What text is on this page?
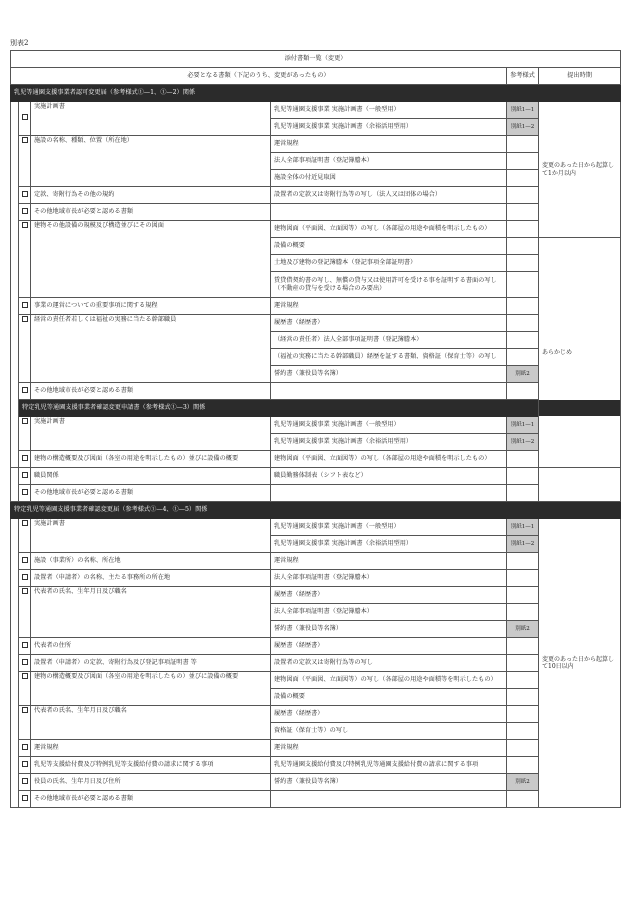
別表2
添付書類一覧（変更）					
必要となる書類（下記のうち、変更があったもの）				参考様式	提出時期
乳児等通園支援事業者認可変更届（参考様式①—1、①—2）関係					
		実施計画書	乳児等通園支援事業 実施計画書（一般型用）	別紙1—1	変更のあった日から起算して1か月以内
			乳児等通園支援事業 実施計画書（余裕活用型用）	別紙1—2	
		施設の名称、種類、位置（所在地）	運営規程		
			法人全部事項証明書（登記簿謄本）		
			施設全体の付近見取図		
		定款、寄附行為その他の規約	設置者の定款又は寄附行為等の写し（法人又は団体の場合）		
		その他地域市長が必要と認める書類			
		建物その他設備の規模及び構造並びにその図面	建物図面（平面図、立面図等）の写し（各部屋の用途や面積を明示したもの）		
			設備の概要		あらかじめ
			土地及び建物の登記簿謄本（登記事項全部証明書）		
			賃貸借契約書の写し、無償の貸与又は使用許可を受ける事を証明する書面の写し（不動産の貸与を受ける場合のみ要出）		
		事業の運営についての重要事項に関する規程	運営規程		
		経営の責任者若しくは福祉の実務に当たる幹部職員	履歴書（経歴書）		
			（経営の責任者）法人全部事項証明書（登記簿謄本）		
			（福祉の実務に当たる幹部職員）経歴を証する書類、資格証（保育士等）の写し		
			誓約書（兼役員等名簿）	別紙2	
		その他地域市長が必要と認める書類			
	特定乳児等通園支援事業者確認変更申請書（参考様式①—3）関係				
		実施計画書	乳児等通園支援事業 実施計画書（一般型用）	別紙1—1	
			乳児等通園支援事業 実施計画書（余裕活用型用）	別紙1—2	
		建物の構造概要及び図面（各室の用途を明示したもの）並びに設備の概要	建物図面（平面図、立面図等）の写し（各部屋の用途や面積を明示したもの）		
		職員関係	職員勤務体制表（シフト表など）		
		その他地域市長が必要と認める書類			
特定乳児等通園支援事業者確認変更届（参考様式①—4、①—5）関係					
		実施計画書	乳児等通園支援事業 実施計画書（一般型用）	別紙1—1	変更のあった日から起算して10日以内
			乳児等通園支援事業 実施計画書（余裕活用型用）	別紙1—2	
		施設（事業所）の名称、所在地	運営規程		
		設置者（申請者）の名称、主たる事務所の所在地	法人全部事項証明書（登記簿謄本）		
		代表者の氏名、生年月日及び職名	履歴書（経歴書）		
			法人全部事項証明書（登記簿謄本）		
			誓約書（兼役員等名簿）	別紙2	
		代表者の住所	履歴書（経歴書）		
		設置者（申請者）の定款、寄附行為及び登記事項証明書 等	設置者の定款又は寄附行為等の写し		
		建物の構造概要及び図面（各室の用途を明示したもの）並びに設備の概要	建物図面（平面図、立面図等）の写し（各部屋の用途や面積等を明示したもの）		
			設備の概要		
		代表者の氏名、生年月日及び職名	履歴書（経歴書）		
			資格証（保育士等）の写し		
		運営規程	運営規程		
		乳児等支援給付費及び特例乳児等支援給付費の請求に関する事項	乳児等通園支援給付費及び特例乳児等通園支援給付費の請求に関する事項		
		役員の氏名、生年月日及び住所	誓約書（兼役員等名簿）	別紙2	
		その他地域市長が必要と認める書類			
